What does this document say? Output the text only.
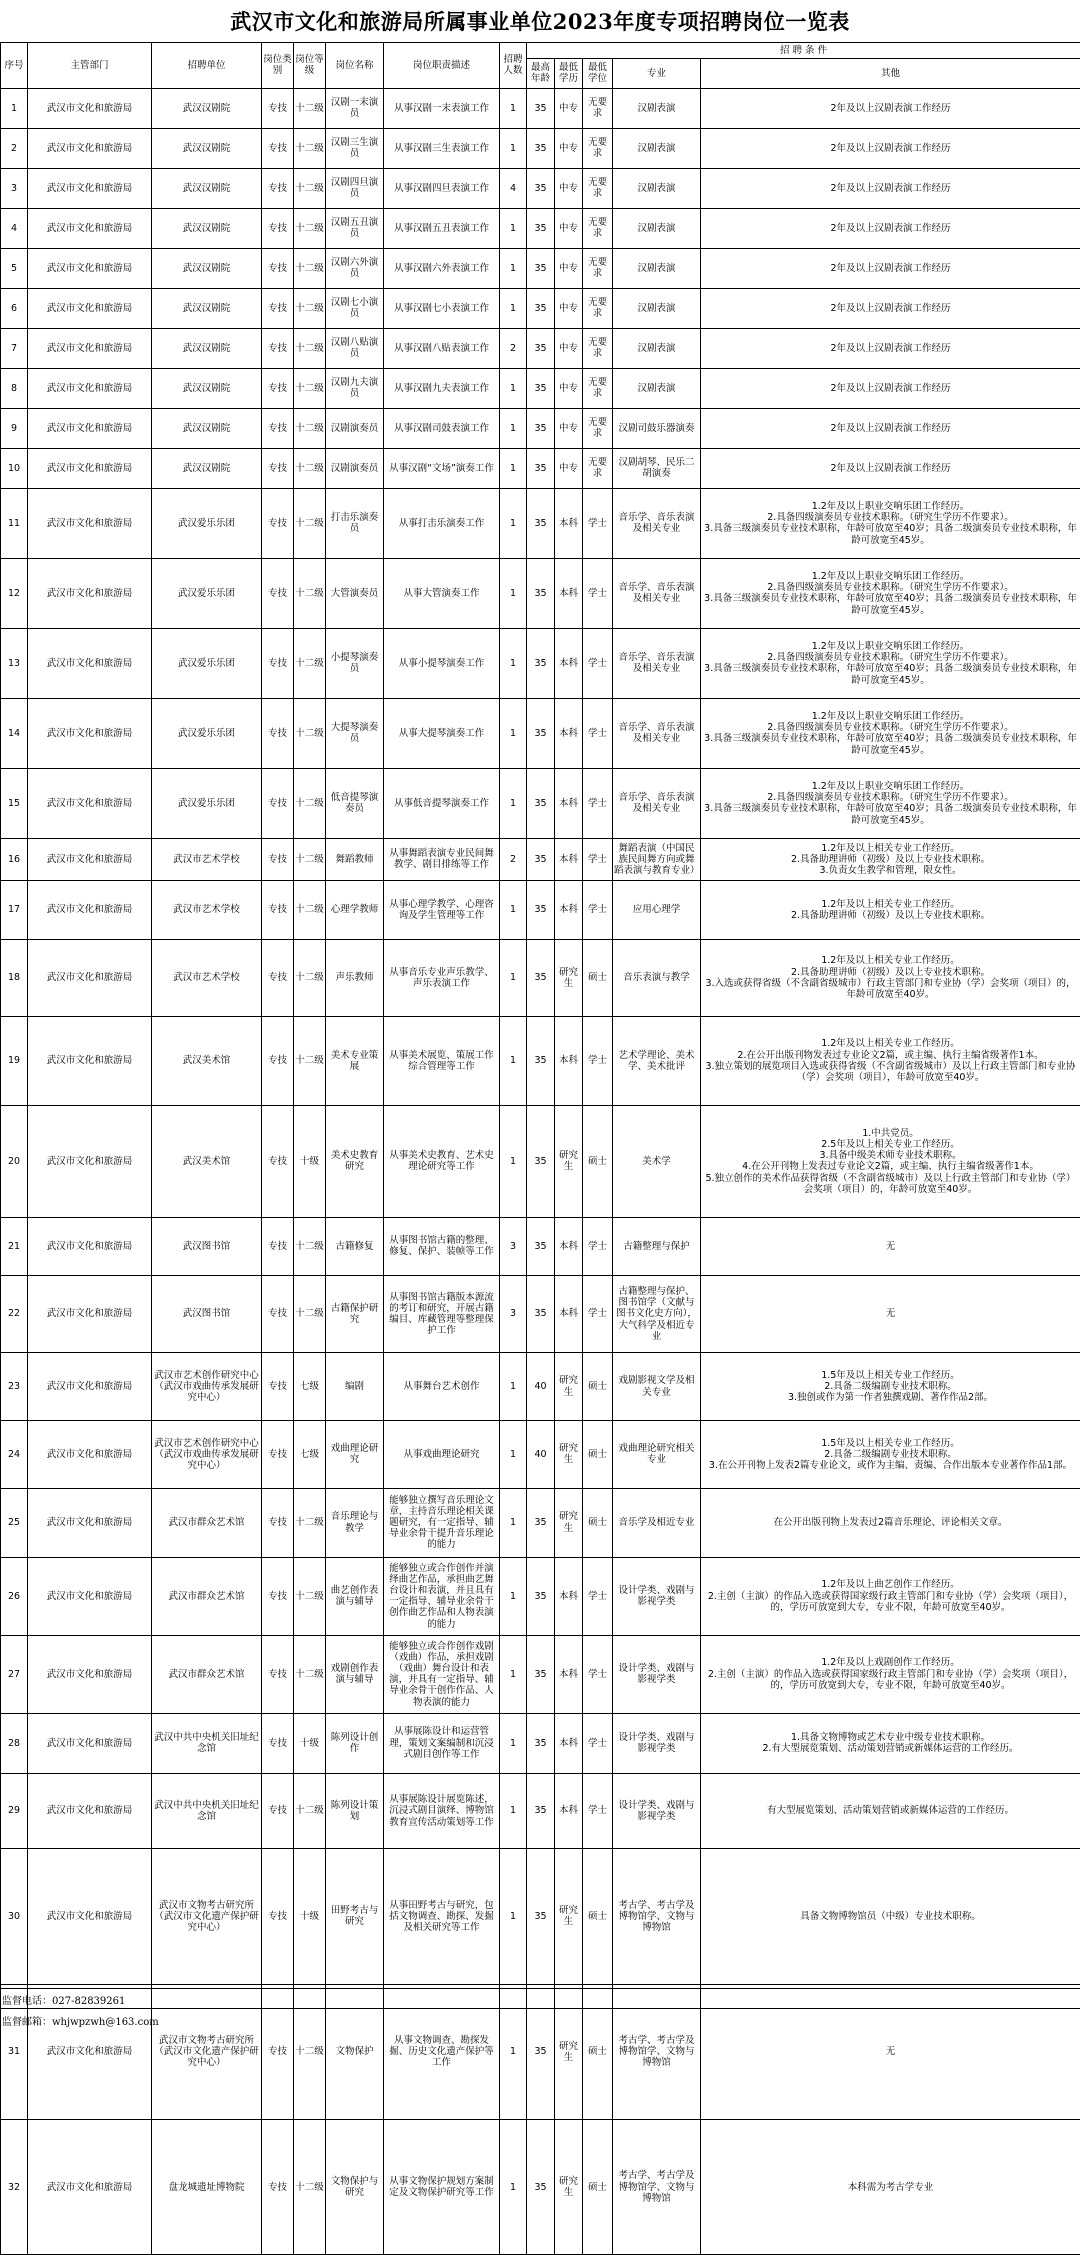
武汉市文化和旅游局所属事业单位2023年度专项招聘岗位一览表
序号	主管部门	招聘单位	岗位类别	岗位等级	岗位名称	岗位职责描述	招聘人数	招 聘 条 件	
								最高年龄	最低学历	最低学位	专业	其他	
1	武汉市文化和旅游局	武汉汉剧院	专技	十二级	汉剧一末演员	从事汉剧一末表演工作	1	35	中专	无要求	汉剧表演	2年及以上汉剧表演工作经历	
2	武汉市文化和旅游局	武汉汉剧院	专技	十二级	汉剧三生演员	从事汉剧三生表演工作	1	35	中专	无要求	汉剧表演	2年及以上汉剧表演工作经历	
3	武汉市文化和旅游局	武汉汉剧院	专技	十二级	汉剧四旦演员	从事汉剧四旦表演工作	4	35	中专	无要求	汉剧表演	2年及以上汉剧表演工作经历	
4	武汉市文化和旅游局	武汉汉剧院	专技	十二级	汉剧五丑演员	从事汉剧五丑表演工作	1	35	中专	无要求	汉剧表演	2年及以上汉剧表演工作经历	
5	武汉市文化和旅游局	武汉汉剧院	专技	十二级	汉剧六外演员	从事汉剧六外表演工作	1	35	中专	无要求	汉剧表演	2年及以上汉剧表演工作经历	
6	武汉市文化和旅游局	武汉汉剧院	专技	十二级	汉剧七小演员	从事汉剧七小表演工作	1	35	中专	无要求	汉剧表演	2年及以上汉剧表演工作经历	
7	武汉市文化和旅游局	武汉汉剧院	专技	十二级	汉剧八贴演员	从事汉剧八贴表演工作	2	35	中专	无要求	汉剧表演	2年及以上汉剧表演工作经历	
8	武汉市文化和旅游局	武汉汉剧院	专技	十二级	汉剧九夫演员	从事汉剧九夫表演工作	1	35	中专	无要求	汉剧表演	2年及以上汉剧表演工作经历	
9	武汉市文化和旅游局	武汉汉剧院	专技	十二级	汉剧演奏员	从事汉剧司鼓表演工作	1	35	中专	无要求	汉剧司鼓乐器演奏	2年及以上汉剧表演工作经历	
10	武汉市文化和旅游局	武汉汉剧院	专技	十二级	汉剧演奏员	从事汉剧“文场”演奏工作	1	35	中专	无要求	汉剧胡琴、民乐二胡演奏	2年及以上汉剧表演工作经历	
11	武汉市文化和旅游局	武汉爱乐乐团	专技	十二级	打击乐演奏员	从事打击乐演奏工作	1	35	本科	学士	音乐学、音乐表演及相关专业	1.2年及以上职业交响乐团工作经历。
2.具备四级演奏员专业技术职称。（研究生学历不作要求）。
3.具备三级演奏员专业技术职称，年龄可放宽至40岁；具备二级演奏员专业技术职称，年龄可放宽至45岁。	
12	武汉市文化和旅游局	武汉爱乐乐团	专技	十二级	大管演奏员	从事大管演奏工作	1	35	本科	学士	音乐学、音乐表演及相关专业	1.2年及以上职业交响乐团工作经历。
2.具备四级演奏员专业技术职称。（研究生学历不作要求）。
3.具备三级演奏员专业技术职称，年龄可放宽至40岁；具备二级演奏员专业技术职称，年龄可放宽至45岁。	
13	武汉市文化和旅游局	武汉爱乐乐团	专技	十二级	小提琴演奏员	从事小提琴演奏工作	1	35	本科	学士	音乐学、音乐表演及相关专业	1.2年及以上职业交响乐团工作经历。
2.具备四级演奏员专业技术职称。（研究生学历不作要求）。
3.具备三级演奏员专业技术职称，年龄可放宽至40岁；具备二级演奏员专业技术职称，年龄可放宽至45岁。	
14	武汉市文化和旅游局	武汉爱乐乐团	专技	十二级	大提琴演奏员	从事大提琴演奏工作	1	35	本科	学士	音乐学、音乐表演及相关专业	1.2年及以上职业交响乐团工作经历。
2.具备四级演奏员专业技术职称。（研究生学历不作要求）。
3.具备三级演奏员专业技术职称，年龄可放宽至40岁；具备二级演奏员专业技术职称，年龄可放宽至45岁。	
15	武汉市文化和旅游局	武汉爱乐乐团	专技	十二级	低音提琴演奏员	从事低音提琴演奏工作	1	35	本科	学士	音乐学、音乐表演及相关专业	1.2年及以上职业交响乐团工作经历。
2.具备四级演奏员专业技术职称。（研究生学历不作要求）。
3.具备三级演奏员专业技术职称，年龄可放宽至40岁；具备二级演奏员专业技术职称，年龄可放宽至45岁。	
16	武汉市文化和旅游局	武汉市艺术学校	专技	十二级	舞蹈教师	从事舞蹈表演专业民间舞教学、剧目排练等工作	2	35	本科	学士	舞蹈表演（中国民族民间舞方向或舞蹈表演与教育专业）	1.2年及以上相关专业工作经历。
2.具备助理讲师（初级）及以上专业技术职称。
3.负责女生教学和管理，限女性。	
17	武汉市文化和旅游局	武汉市艺术学校	专技	十二级	心理学教师	从事心理学教学、心理咨询及学生管理等工作	1	35	本科	学士	应用心理学	1.2年及以上相关专业工作经历。
2.具备助理讲师（初级）及以上专业技术职称。	
18	武汉市文化和旅游局	武汉市艺术学校	专技	十二级	声乐教师	从事音乐专业声乐教学、声乐表演工作	1	35	研究生	硕士	音乐表演与教学	1.2年及以上相关专业工作经历。
2.具备助理讲师（初级）及以上专业技术职称。
3.入选或获得省级（不含副省级城市）行政主管部门和专业协（学）会奖项（项目）的，年龄可放宽至40岁。	
19	武汉市文化和旅游局	武汉美术馆	专技	十二级	美术专业策展	从事美术展览、策展工作综合管理等工作	1	35	本科	学士	艺术学理论、美术学、美术批评	1.2年及以上相关专业工作经历。
2.在公开出版刊物发表过专业论文2篇，或主编、执行主编省级著作1本。
3.独立策划的展览项目入选或获得省级（不含副省级城市）及以上行政主管部门和专业协（学）会奖项（项目），年龄可放宽至40岁。	
20	武汉市文化和旅游局	武汉美术馆	专技	十级	美术史教育研究	从事美术史教育、艺术史理论研究等工作	1	35	研究生	硕士	美术学	1.中共党员。
2.5年及以上相关专业工作经历。
3.具备中级美术师专业技术职称。
4.在公开刊物上发表过专业论文2篇，或主编、执行主编省级著作1本。
5.独立创作的美术作品获得省级（不含副省级城市）及以上行政主管部门和专业协（学）会奖项（项目）的，年龄可放宽至40岁。	
21	武汉市文化和旅游局	武汉图书馆	专技	十二级	古籍修复	从事图书馆古籍的整理、修复、保护、装帧等工作	3	35	本科	学士	古籍整理与保护	无	
22	武汉市文化和旅游局	武汉图书馆	专技	十二级	古籍保护研究	从事图书馆古籍版本源流的考订和研究，开展古籍编目、库藏管理等整理保护工作	3	35	本科	学士	古籍整理与保护、图书馆学（文献与图书文化史方向），大气科学及相近专业	无	
23	武汉市文化和旅游局	武汉市艺术创作研究中心（武汉市戏曲传承发展研究中心）	专技	七级	编剧	从事舞台艺术创作	1	40	研究生	硕士	戏剧影视文学及相关专业	1.5年及以上相关专业工作经历。
2.具备二级编剧专业技术职称。
3.独创或作为第一作者独撰戏剧、著作作品2部。	
24	武汉市文化和旅游局	武汉市艺术创作研究中心（武汉市戏曲传承发展研究中心）	专技	七级	戏曲理论研究	从事戏曲理论研究	1	40	研究生	硕士	戏曲理论研究相关专业	1.5年及以上相关专业工作经历。
2.具备二级编剧专业技术职称。
3.在公开刊物上发表2篇专业论文，或作为主编、责编、合作出版本专业著作作品1部。	
25	武汉市文化和旅游局	武汉市群众艺术馆	专技	十二级	音乐理论与教学	能够独立撰写音乐理论文章，主持音乐理论相关课题研究，有一定指导、辅导业余骨干提升音乐理论的能力	1	35	研究生	硕士	音乐学及相近专业	在公开出版刊物上发表过2篇音乐理论、评论相关文章。	
26	武汉市文化和旅游局	武汉市群众艺术馆	专技	十二级	曲艺创作表演与辅导	能够独立或合作创作并演绎曲艺作品，承担曲艺舞台设计和表演，并且具有一定指导、辅导业余骨干创作曲艺作品和人物表演的能力	1	35	本科	学士	设计学类、戏剧与影视学类	1.2年及以上曲艺创作工作经历。
2.主创（主演）的作品入选或获得国家级行政主管部门和专业协（学）会奖项（项目），的，学历可放宽到大专，专业不限，年龄可放宽至40岁。	
27	武汉市文化和旅游局	武汉市群众艺术馆	专技	十二级	戏剧创作表演与辅导	能够独立或合作创作戏剧（戏曲）作品，承担戏剧（戏曲）舞台设计和表演，并具有一定指导、辅导业余骨干创作作品、人物表演的能力	1	35	本科	学士	设计学类、戏剧与影视学类	1.2年及以上戏剧创作工作经历。
2.主创（主演）的作品入选或获得国家级行政主管部门和专业协（学）会奖项（项目），的，学历可放宽到大专，专业不限，年龄可放宽至40岁。	
28	武汉市文化和旅游局	武汉中共中央机关旧址纪念馆	专技	十级	陈列设计创作	从事展陈设计和运营管理，策划文案编制和沉浸式剧目创作等工作	1	35	本科	学士	设计学类、戏剧与影视学类	1.具备文物博物或艺术专业中级专业技术职称。
2.有大型展览策划、活动策划营销或新媒体运营的工作经历。	
29	武汉市文化和旅游局	武汉中共中央机关旧址纪念馆	专技	十二级	陈列设计策划	从事展陈设计展览陈述，沉浸式剧目演绎、博物馆教育宣传活动策划等工作	1	35	本科	学士	设计学类、戏剧与影视学类	有大型展览策划、活动策划营销或新媒体运营的工作经历。	
30	武汉市文化和旅游局	武汉市文物考古研究所（武汉市文化遗产保护研究中心）	专技	十级	田野考古与研究	从事田野考古与研究，包括文物调查、勘探、发掘及相关研究等工作	1	35	研究生	硕士	考古学、考古学及博物馆学、文物与博物馆	具备文物博物馆员（中级）专业技术职称。	
31	武汉市文化和旅游局	武汉市文物考古研究所（武汉市文化遗产保护研究中心）	专技	十二级	文物保护	从事文物调查、勘探发掘、历史文化遗产保护等工作	1	35	研究生	硕士	考古学、考古学及博物馆学、文物与博物馆	无	
32	武汉市文化和旅游局	盘龙城遗址博物院	专技	十二级	文物保护与研究	从事文物保护规划方案制定及文物保护研究等工作	1	35	研究生	硕士	考古学、考古学及博物馆学、文物与博物馆	本科需为考古学专业	
监督电话：027-82839261
监督邮箱：whjwpzwh@163.com
